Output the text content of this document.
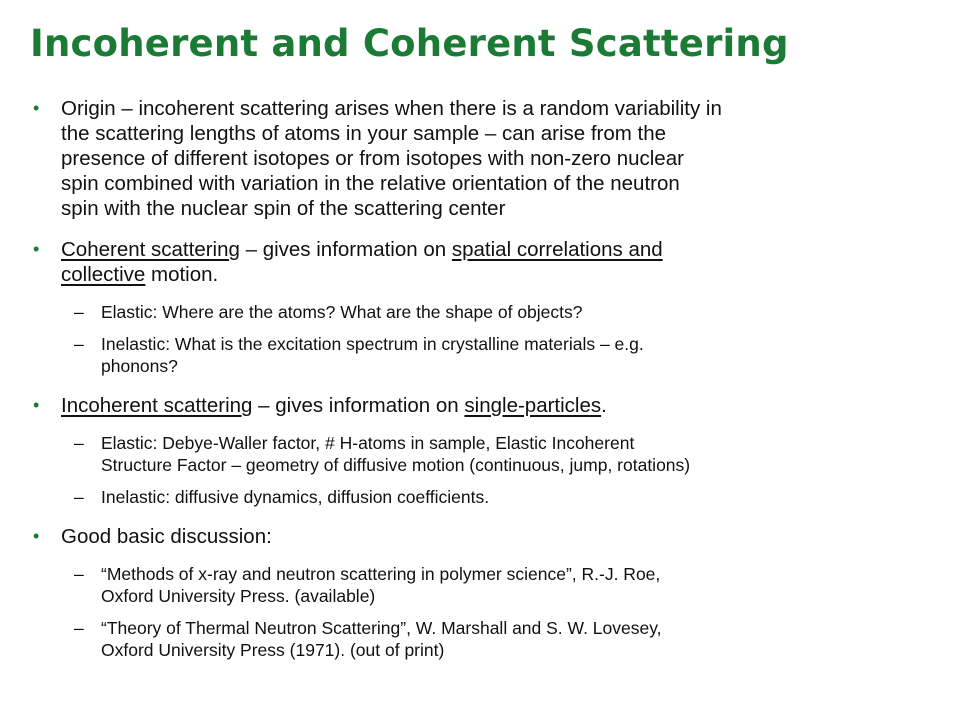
Incoherent and Coherent Scattering
• Origin – incoherent scattering arises when there is a random variability in
the scattering lengths of atoms in your sample – can arise from the
presence of different isotopes or from isotopes with non-zero nuclear
spin combined with variation in the relative orientation of the neutron
spin with the nuclear spin of the scattering center
• Coherent scattering – gives information on spatial correlations and
collective motion.
– Elastic: Where are the atoms? What are the shape of objects?
– Inelastic: What is the excitation spectrum in crystalline materials – e.g.
phonons?
• Incoherent scattering – gives information on single-particles.
– Elastic: Debye-Waller factor, # H-atoms in sample, Elastic Incoherent
Structure Factor – geometry of diffusive motion (continuous, jump, rotations)
– Inelastic: diffusive dynamics, diffusion coefficients.
• Good basic discussion:
– “Methods of x-ray and neutron scattering in polymer science”, R.-J. Roe,
Oxford University Press. (available)
– “Theory of Thermal Neutron Scattering”, W. Marshall and S. W. Lovesey,
Oxford University Press (1971). (out of print)
